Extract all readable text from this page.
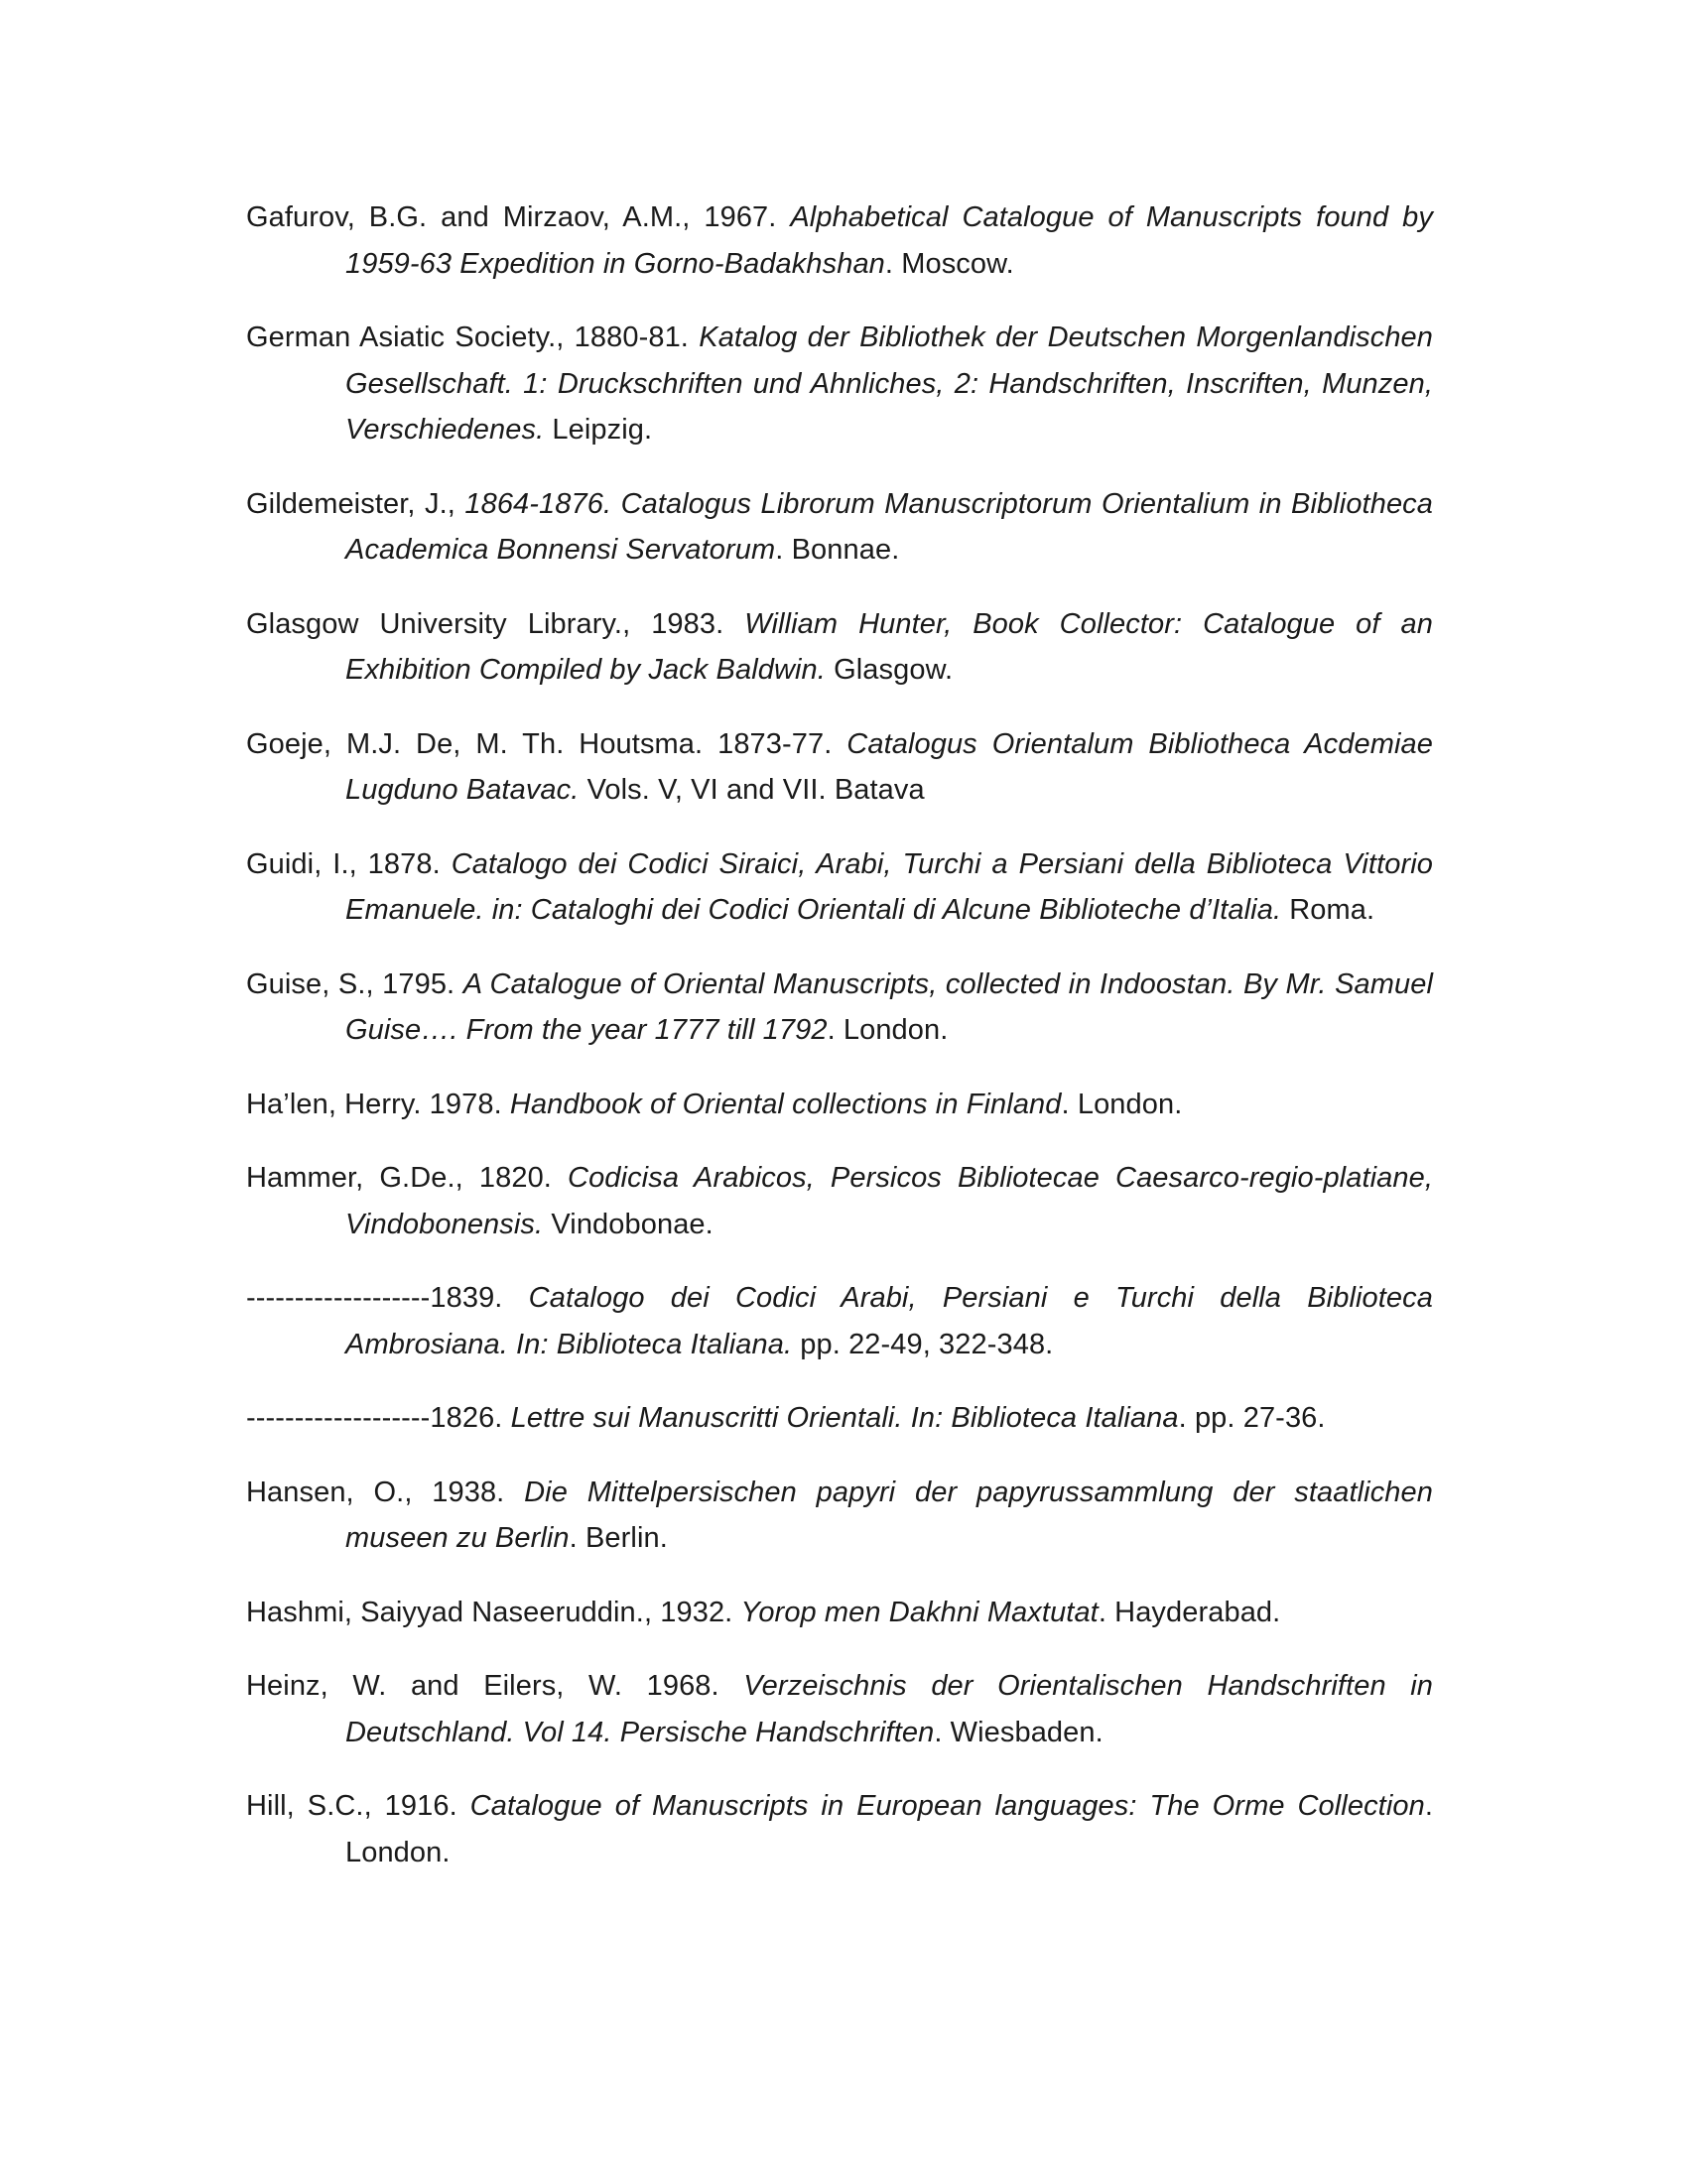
Gafurov, B.G. and Mirzaov, A.M., 1967. Alphabetical Catalogue of Manuscripts found by 1959-63 Expedition in Gorno-Badakhshan. Moscow.

German Asiatic Society., 1880-81. Katalog der Bibliothek der Deutschen Morgenlandischen Gesellschaft. 1: Druckschriften und Ahnliches, 2: Handschriften, Inscriften, Munzen, Verschiedenes. Leipzig.

Gildemeister, J., 1864-1876. Catalogus Librorum Manuscriptorum Orientalium in Bibliotheca Academica Bonnensi Servatorum. Bonnae.

Glasgow University Library., 1983. William Hunter, Book Collector: Catalogue of an Exhibition Compiled by Jack Baldwin. Glasgow.

Goeje, M.J. De, M. Th. Houtsma. 1873-77. Catalogus Orientalum Bibliotheca Acdemiae Lugduno Batavac. Vols. V, VI and VII. Batava

Guidi, I., 1878. Catalogo dei Codici Siraici, Arabi, Turchi a Persiani della Biblioteca Vittorio Emanuele. in: Cataloghi dei Codici Orientali di Alcune Biblioteche d’Italia. Roma.

Guise, S., 1795. A Catalogue of Oriental Manuscripts, collected in Indoostan. By Mr. Samuel Guise…. From the year 1777 till 1792. London.

Ha’len, Herry. 1978. Handbook of Oriental collections in Finland. London.

Hammer, G.De., 1820. Codicisa Arabicos, Persicos Bibliotecae Caesarco-regio-platiane, Vindobonensis. Vindobonae.

-------------------1839. Catalogo dei Codici Arabi, Persiani e Turchi della Biblioteca Ambrosiana. In: Biblioteca Italiana. pp. 22-49, 322-348.

-------------------1826. Lettre sui Manuscritti Orientali. In: Biblioteca Italiana. pp. 27-36.

Hansen, O., 1938. Die Mittelpersischen papyri der papyrussammlung der staatlichen museen zu Berlin. Berlin.

Hashmi, Saiyyad Naseeruddin., 1932. Yorop men Dakhni Maxtutat. Hayderabad.

Heinz, W. and Eilers, W. 1968. Verzeischnis der Orientalischen Handschriften in Deutschland. Vol 14. Persische Handschriften. Wiesbaden.

Hill, S.C., 1916. Catalogue of Manuscripts in European languages: The Orme Collection. London.
